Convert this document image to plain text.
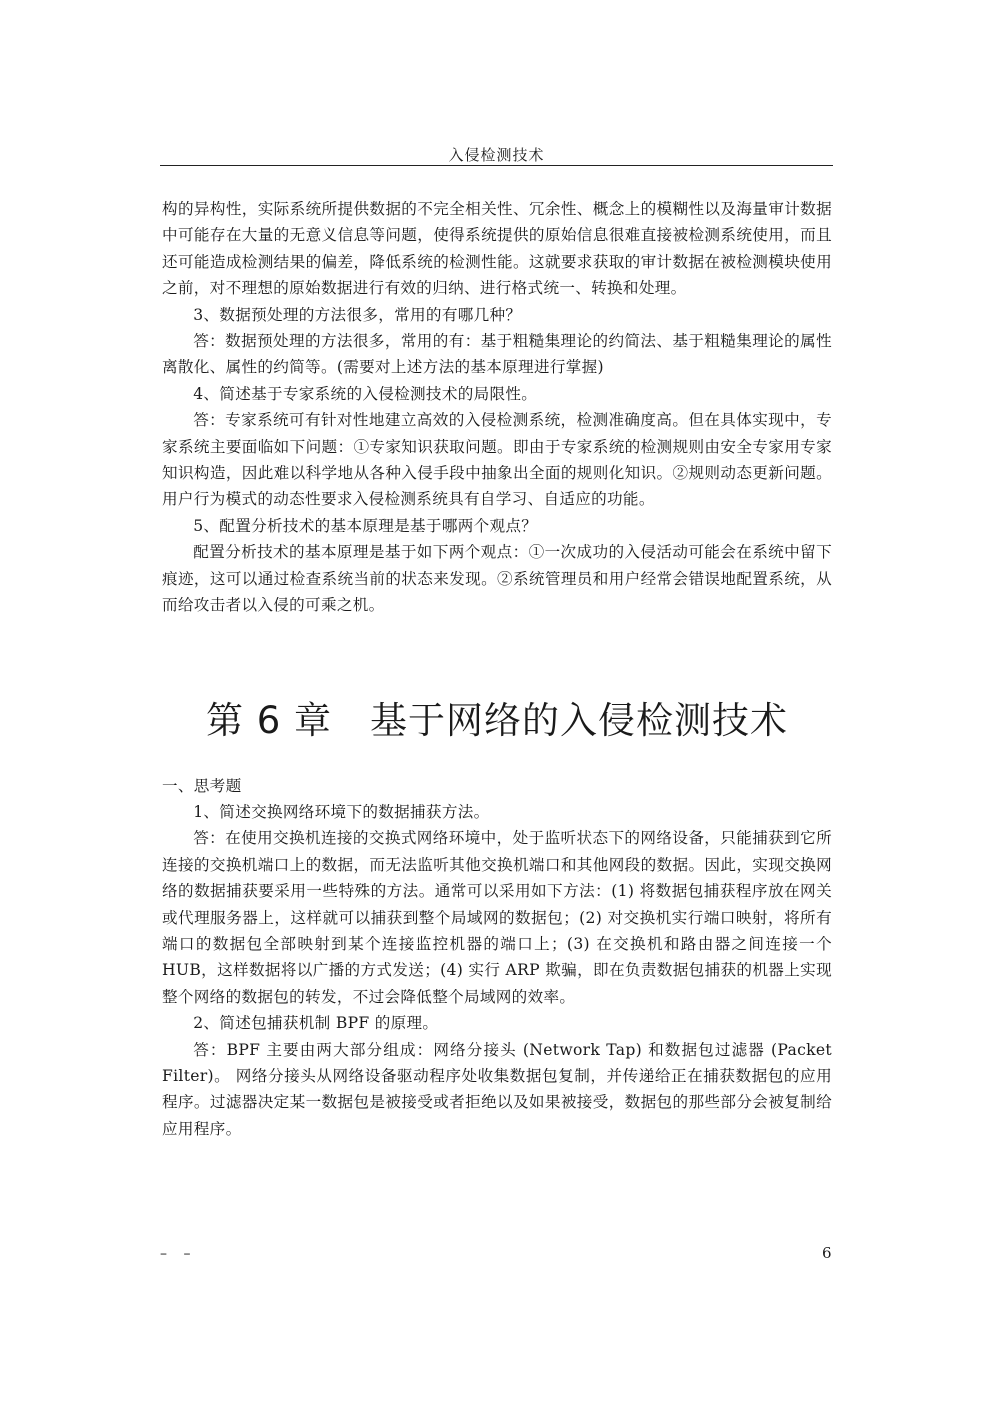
入侵检测技术

构的异构性，实际系统所提供数据的不完全相关性、冗余性、概念上的模糊性以及海量审计数据中可能存在大量的无意义信息等问题，使得系统提供的原始信息很难直接被检测系统使用，而且还可能造成检测结果的偏差，降低系统的检测性能。这就要求获取的审计数据在被检测模块使用之前，对不理想的原始数据进行有效的归纳、进行格式统一、转换和处理。

3、数据预处理的方法很多，常用的有哪几种？

答：数据预处理的方法很多，常用的有：基于粗糙集理论的约简法、基于粗糙集理论的属性离散化、属性的约简等。(需要对上述方法的基本原理进行掌握)

4、简述基于专家系统的入侵检测技术的局限性。

答：专家系统可有针对性地建立高效的入侵检测系统，检测准确度高。但在具体实现中，专家系统主要面临如下问题：①专家知识获取问题。即由于专家系统的检测规则由安全专家用专家知识构造，因此难以科学地从各种入侵手段中抽象出全面的规则化知识。②规则动态更新问题。用户行为模式的动态性要求入侵检测系统具有自学习、自适应的功能。

5、配置分析技术的基本原理是基于哪两个观点？

配置分析技术的基本原理是基于如下两个观点：①一次成功的入侵活动可能会在系统中留下痕迹，这可以通过检查系统当前的状态来发现。②系统管理员和用户经常会错误地配置系统，从而给攻击者以入侵的可乘之机。

第 6 章　基于网络的入侵检测技术

一、思考题

1、简述交换网络环境下的数据捕获方法。

答：在使用交换机连接的交换式网络环境中，处于监听状态下的网络设备，只能捕获到它所连接的交换机端口上的数据，而无法监听其他交换机端口和其他网段的数据。因此，实现交换网络的数据捕获要采用一些特殊的方法。通常可以采用如下方法：(1) 将数据包捕获程序放在网关或代理服务器上，这样就可以捕获到整个局域网的数据包；(2) 对交换机实行端口映射，将所有端口的数据包全部映射到某个连接监控机器的端口上；(3) 在交换机和路由器之间连接一个 HUB，这样数据将以广播的方式发送；(4) 实行 ARP 欺骗，即在负责数据包捕获的机器上实现整个网络的数据包的转发，不过会降低整个局域网的效率。

2、简述包捕获机制 BPF 的原理。

答：BPF 主要由两大部分组成：网络分接头 (Network Tap) 和数据包过滤器 (Packet Filter)。 网络分接头从网络设备驱动程序处收集数据包复制，并传递给正在捕获数据包的应用程序。过滤器决定某一数据包是被接受或者拒绝以及如果被接受，数据包的那些部分会被复制给应用程序。

– –	6
